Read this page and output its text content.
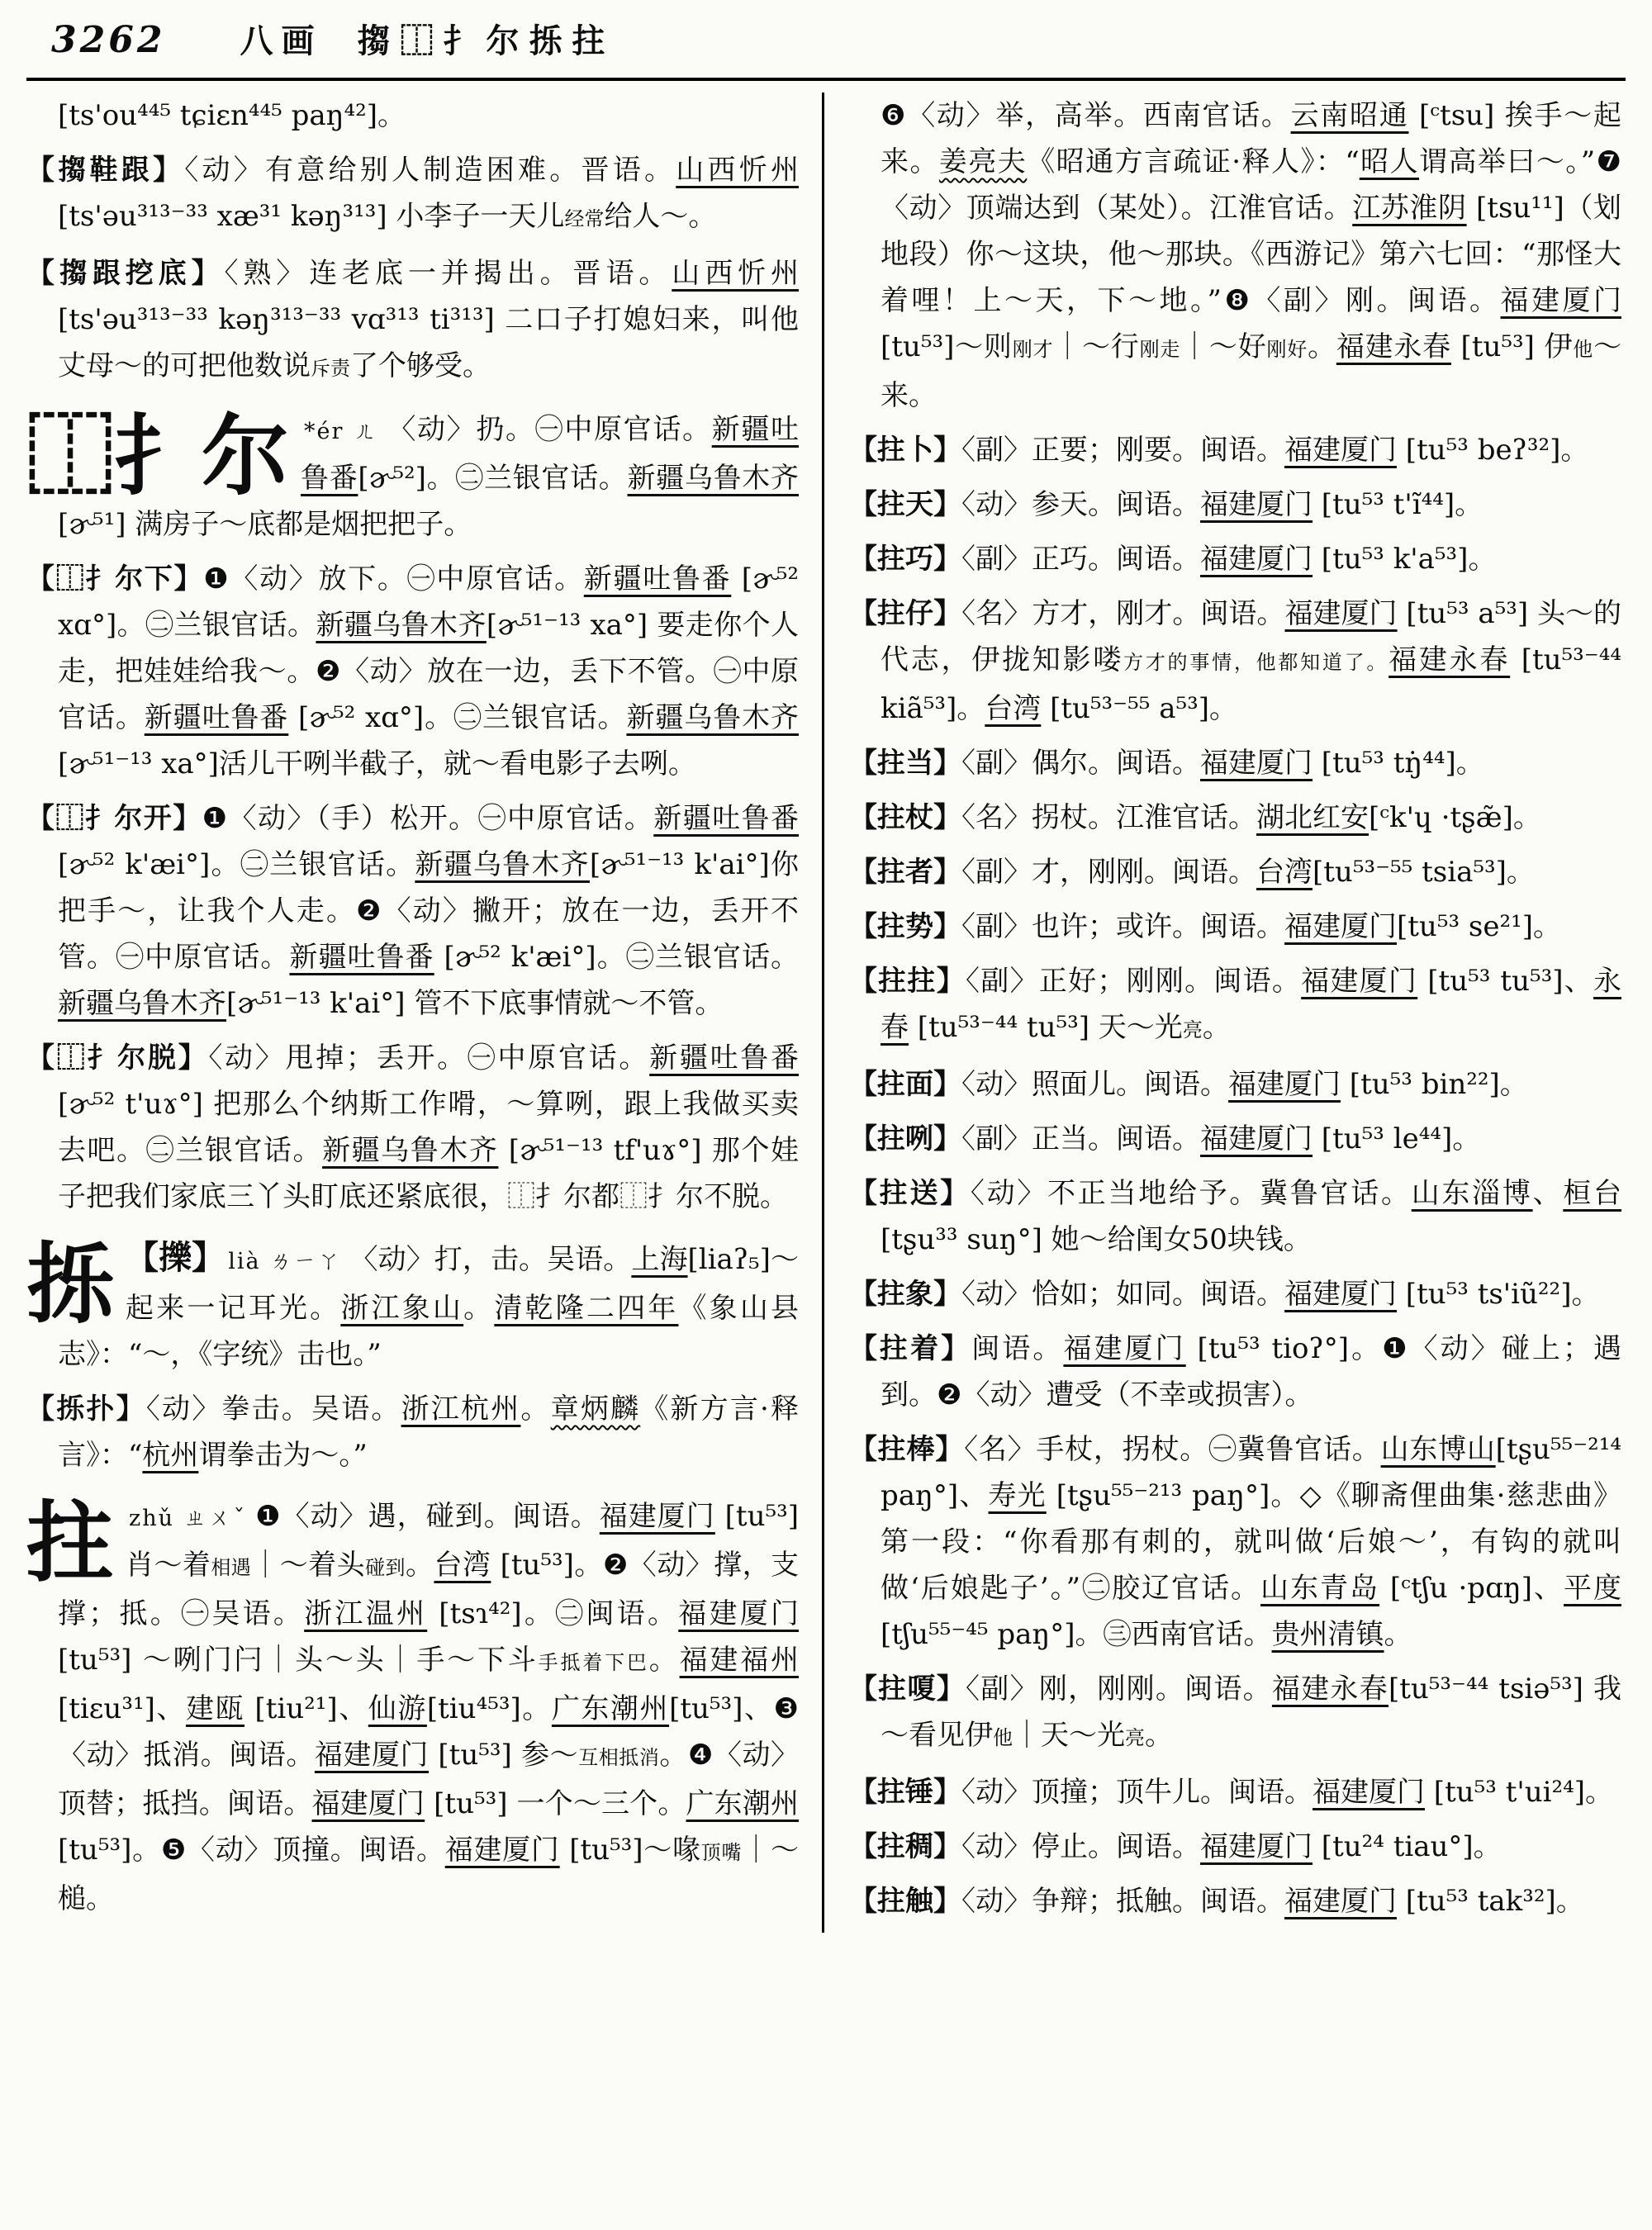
3262 八画 搊⿰扌尔㧰拄

[ts'ou⁴⁴⁵ tɕiɛn⁴⁴⁵ paŋ⁴²]。

【搊鞋跟】〈动〉有意给别人制造困难。晋语。山西忻州 [ts'əu³¹³⁻³³ xæ³¹ kəŋ³¹³] 小李子一天儿经常给人～。

【搊跟挖底】〈熟〉连老底一并揭出。晋语。山西忻州 [ts'əu³¹³⁻³³ kəŋ³¹³⁻³³ vɑ³¹³ ti³¹³] 二口子打媳妇来，叫他丈母～的可把他数说斥责了个够受。

⿰扌尔 *ér ㄦ 〈动〉扔。㊀中原官话。新疆吐鲁番[ɚ⁵²]。㊁兰银官话。新疆乌鲁木齐[ɚ⁵¹] 满房子～底都是烟把把子。

【⿰扌尔下】❶〈动〉放下。㊀中原官话。新疆吐鲁番 [ɚ⁵² xɑ°]。㊁兰银官话。新疆乌鲁木齐[ɚ⁵¹⁻¹³ xa°] 要走你个人走，把娃娃给我～。❷〈动〉放在一边，丢下不管。㊀中原官话。新疆吐鲁番 [ɚ⁵² xɑ°]。㊁兰银官话。新疆乌鲁木齐[ɚ⁵¹⁻¹³ xa°]活儿干咧半截子，就～看电影子去咧。

【⿰扌尔开】❶〈动〉（手）松开。㊀中原官话。新疆吐鲁番[ɚ⁵² k'æi°]。㊁兰银官话。新疆乌鲁木齐[ɚ⁵¹⁻¹³ k'ai°]你把手～，让我个人走。❷〈动〉撇开；放在一边，丢开不管。㊀中原官话。新疆吐鲁番 [ɚ⁵² k'æi°]。㊁兰银官话。新疆乌鲁木齐[ɚ⁵¹⁻¹³ k'ai°] 管不下底事情就～不管。

【⿰扌尔脱】〈动〉甩掉；丢开。㊀中原官话。新疆吐鲁番 [ɚ⁵² t'uɤ°] 把那么个纳斯工作嗗，～算咧，跟上我做买卖去吧。㊁兰银官话。新疆乌鲁木齐 [ɚ⁵¹⁻¹³ tf'uɤ°] 那个娃子把我们家底三丫头盯底还紧底很，⿰扌尔都⿰扌尔不脱。

㧰 【擽】 lià ㄌㄧㄚ 〈动〉打，击。吴语。上海[liaʔ₅]～起来一记耳光。浙江象山。清乾隆二四年《象山县志》：“～，《字统》击也。”

【㧰扑】〈动〉拳击。吴语。浙江杭州。章炳麟《新方言·释言》：“杭州谓拳击为～。”

拄zhǔ ㄓㄨˇ ❶〈动〉遇，碰到。闽语。福建厦门 [tu⁵³] 肖～着相遇｜～着头碰到。台湾 [tu⁵³]。❷〈动〉撑，支撑；抵。㊀吴语。浙江温州 [tsɿ⁴²]。㊁闽语。福建厦门 [tu⁵³] ～咧门闩｜头～头｜手～下斗手抵着下巴。福建福州 [tiɛu³¹]、建瓯 [tiu²¹]、仙游[tiu⁴⁵³]。广东潮州[tu⁵³]、❸〈动〉抵消。闽语。福建厦门 [tu⁵³] 参～互相抵消。❹〈动〉顶替；抵挡。闽语。福建厦门 [tu⁵³] 一个～三个。广东潮州 [tu⁵³]。❺〈动〉顶撞。闽语。福建厦门 [tu⁵³]～喙顶嘴｜～槌。

❻〈动〉举，高举。西南官话。云南昭通 [ᶜtsu] 挨手～起来。姜亮夫《昭通方言疏证·释人》：“昭人谓高举曰～。”❼〈动〉顶端达到（某处）。江淮官话。江苏淮阴 [tsu¹¹]（划地段）你～这块，他～那块。《西游记》第六七回：“那怪大着哩！上～天，下～地。”❽〈副〉刚。闽语。福建厦门 [tu⁵³]～则刚才｜～行刚走｜～好刚好。福建永春 [tu⁵³] 伊他～来。

【拄卜】〈副〉正要；刚要。闽语。福建厦门 [tu⁵³ beʔ³²]。

【拄天】〈动〉参天。闽语。福建厦门 [tu⁵³ t'ĩ⁴⁴]。

【拄巧】〈副〉正巧。闽语。福建厦门 [tu⁵³ k'a⁵³]。

【拄仔】〈名〉方才，刚才。闽语。福建厦门 [tu⁵³ a⁵³] 头～的代志，伊拢知影喽方才的事情，他都知道了。福建永春 [tu⁵³⁻⁴⁴ kiã⁵³]。台湾 [tu⁵³⁻⁵⁵ a⁵³]。

【拄当】〈副〉偶尔。闽语。福建厦门 [tu⁵³ tŋ̇⁴⁴]。

【拄杖】〈名〉拐杖。江淮官话。湖北红安[ᶜk'ɥ ·tʂæ̃]。

【拄者】〈副〉才，刚刚。闽语。台湾[tu⁵³⁻⁵⁵ tsia⁵³]。

【拄势】〈副〉也许；或许。闽语。福建厦门[tu⁵³ se²¹]。

【拄拄】〈副〉正好；刚刚。闽语。福建厦门 [tu⁵³ tu⁵³]、永春 [tu⁵³⁻⁴⁴ tu⁵³] 天～光亮。

【拄面】〈动〉照面儿。闽语。福建厦门 [tu⁵³ bin²²]。

【拄咧】〈副〉正当。闽语。福建厦门 [tu⁵³ le⁴⁴]。

【拄送】〈动〉不正当地给予。冀鲁官话。山东淄博、桓台 [tʂu³³ suŋ°] 她～给闺女50块钱。

【拄象】〈动〉恰如；如同。闽语。福建厦门 [tu⁵³ ts'iũ²²]。

【拄着】闽语。福建厦门 [tu⁵³ tioʔ°]。❶〈动〉碰上；遇到。❷〈动〉遭受（不幸或损害）。

【拄棒】〈名〉手杖，拐杖。㊀冀鲁官话。山东博山[tʂu⁵⁵⁻²¹⁴ paŋ°]、寿光 [tʂu⁵⁵⁻²¹³ paŋ°]。◇《聊斋俚曲集·慈悲曲》第一段：“你看那有刺的，就叫做‘后娘～’，有钩的就叫做‘后娘匙子’。”㊁胶辽官话。山东青岛 [ᶜtʃu ·pɑŋ]、平度 [tʃu⁵⁵⁻⁴⁵ paŋ°]。㊂西南官话。贵州清镇。

【拄嗄】〈副〉刚，刚刚。闽语。福建永春[tu⁵³⁻⁴⁴ tsiə⁵³] 我～看见伊他｜天～光亮。

【拄锤】〈动〉顶撞；顶牛儿。闽语。福建厦门 [tu⁵³ t'ui²⁴]。

【拄稠】〈动〉停止。闽语。福建厦门 [tu²⁴ tiau°]。

【拄触】〈动〉争辩；抵触。闽语。福建厦门 [tu⁵³ tak³²]。
